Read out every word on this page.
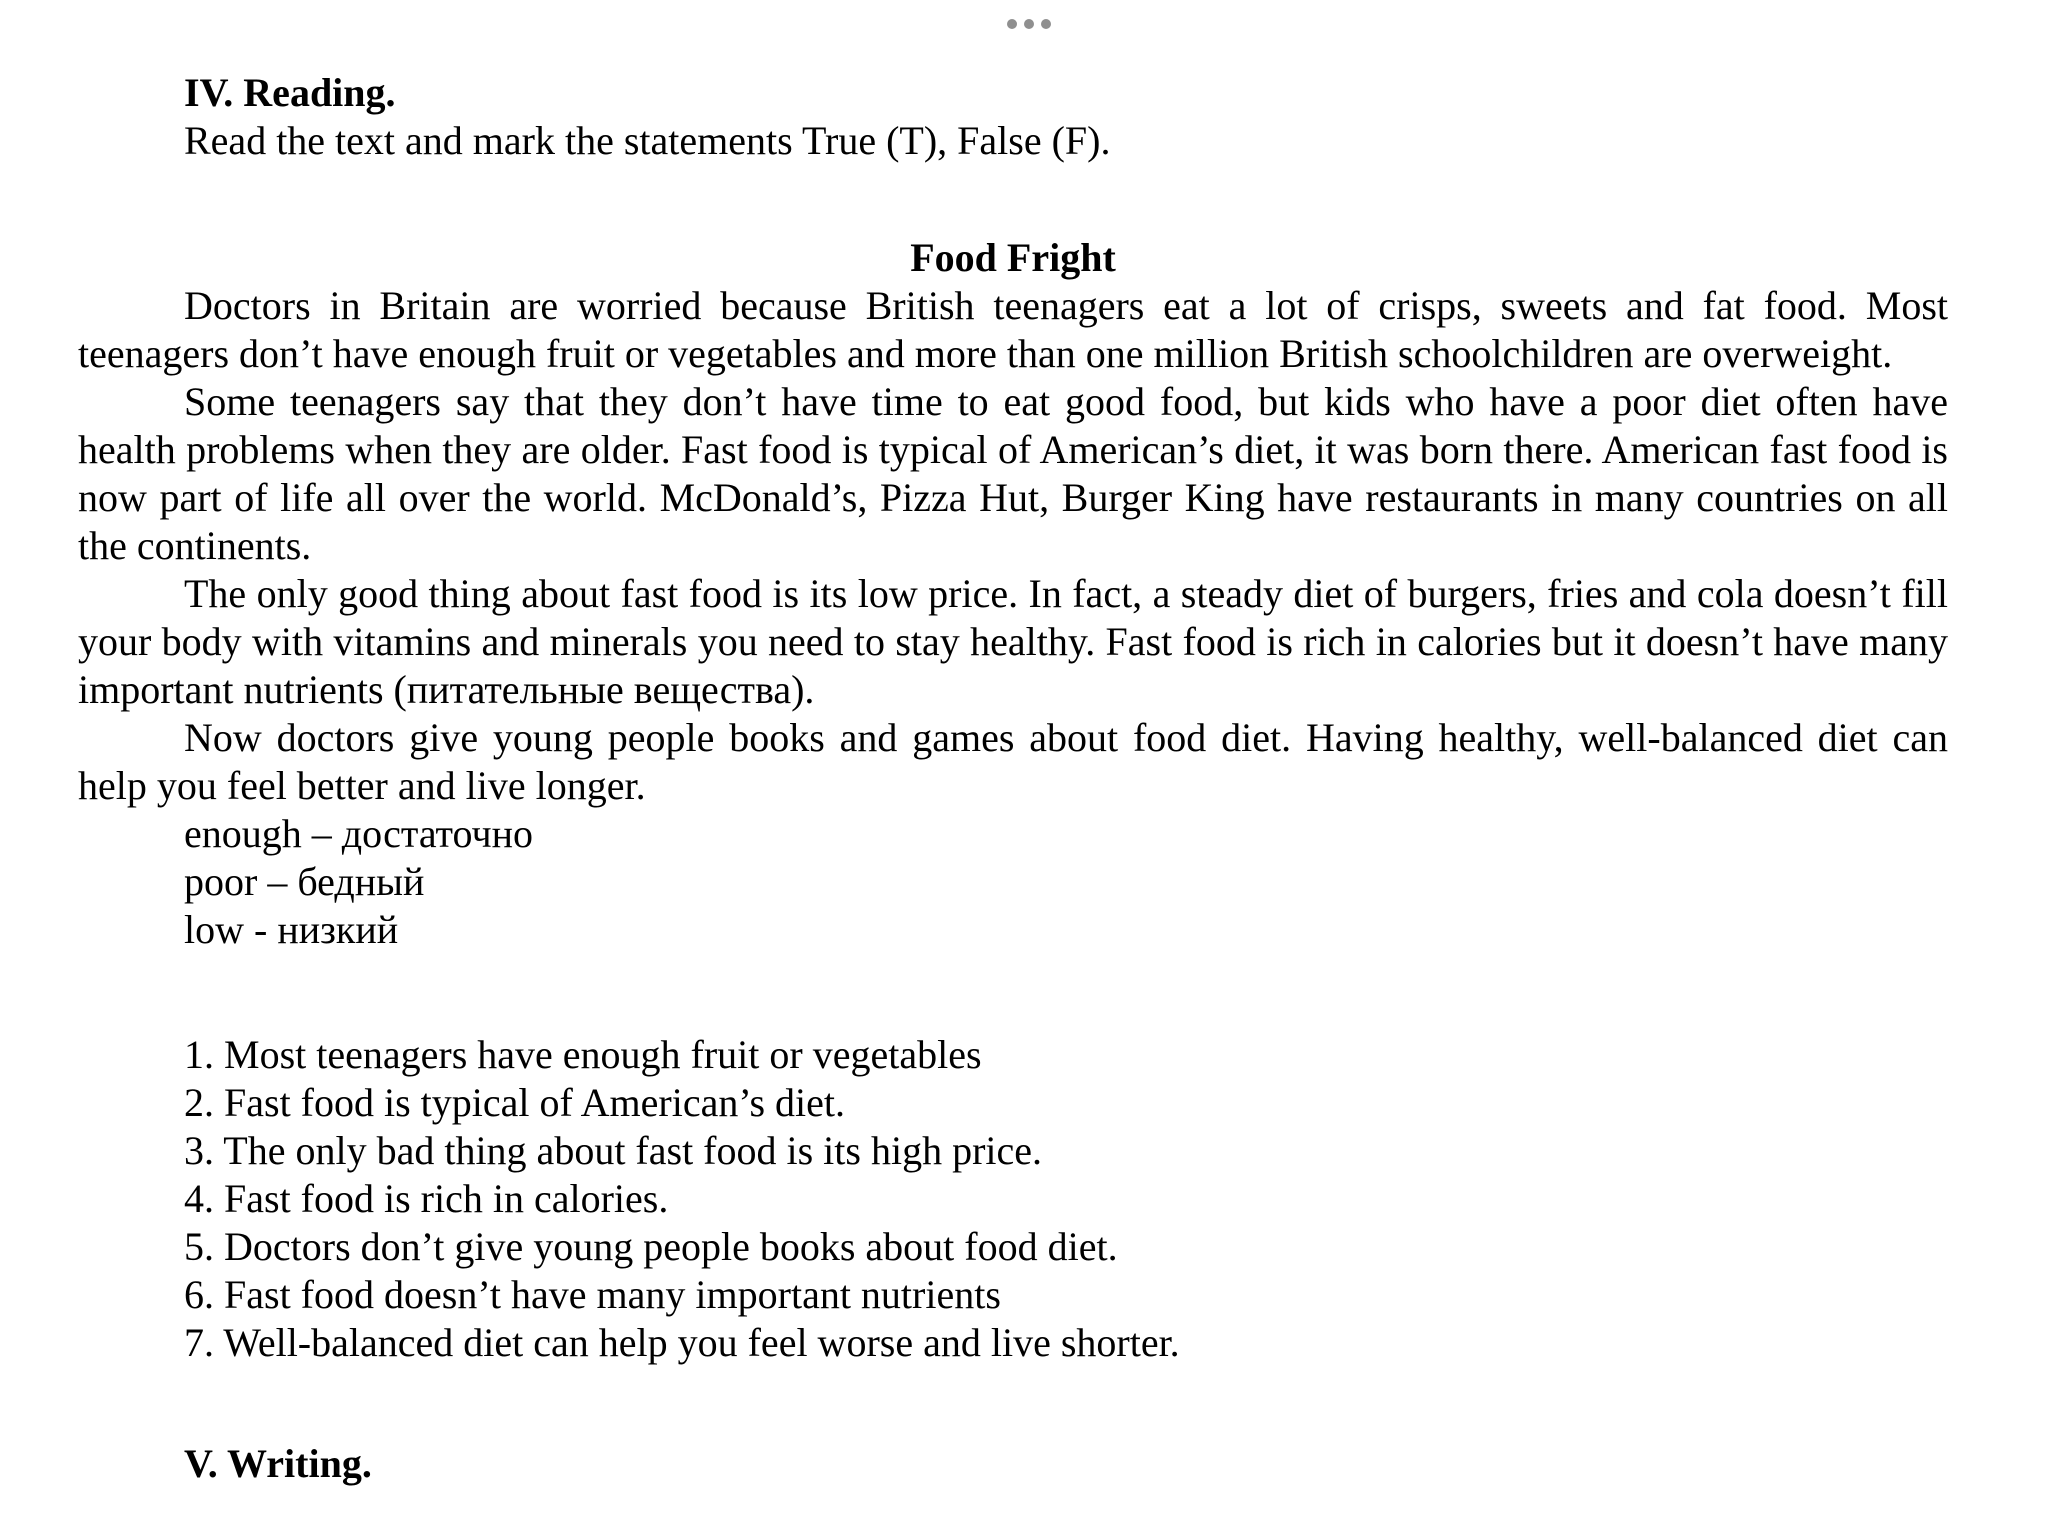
IV. Reading.

Read the text and mark the statements True (T), False (F).

Food Fright

Doctors in Britain are worried because British teenagers eat a lot of crisps, sweets and fat food. Most teenagers don’t have enough fruit or vegetables and more than one million British schoolchildren are overweight.

Some teenagers say that they don’t have time to eat good food, but kids who have a poor diet often have health problems when they are older. Fast food is typical of American’s diet, it was born there. American fast food is now part of life all over the world. McDonald’s, Pizza Hut, Burger King have restaurants in many countries on all the continents.

The only good thing about fast food is its low price. In fact, a steady diet of burgers, fries and cola doesn’t fill your body with vitamins and minerals you need to stay healthy. Fast food is rich in calories but it doesn’t have many important nutrients (питательные вещества).

Now doctors give young people books and games about food diet. Having healthy, well-balanced diet can help you feel better and live longer.

enough – достаточно

poor – бедный

low - низкий

1. Most teenagers have enough fruit or vegetables

2. Fast food is typical of American’s diet.

3. The only bad thing about fast food is its high price.

4. Fast food is rich in calories.

5. Doctors don’t give young people books about food diet.

6. Fast food doesn’t have many important nutrients

7. Well-balanced diet can help you feel worse and live shorter.

V. Writing.
